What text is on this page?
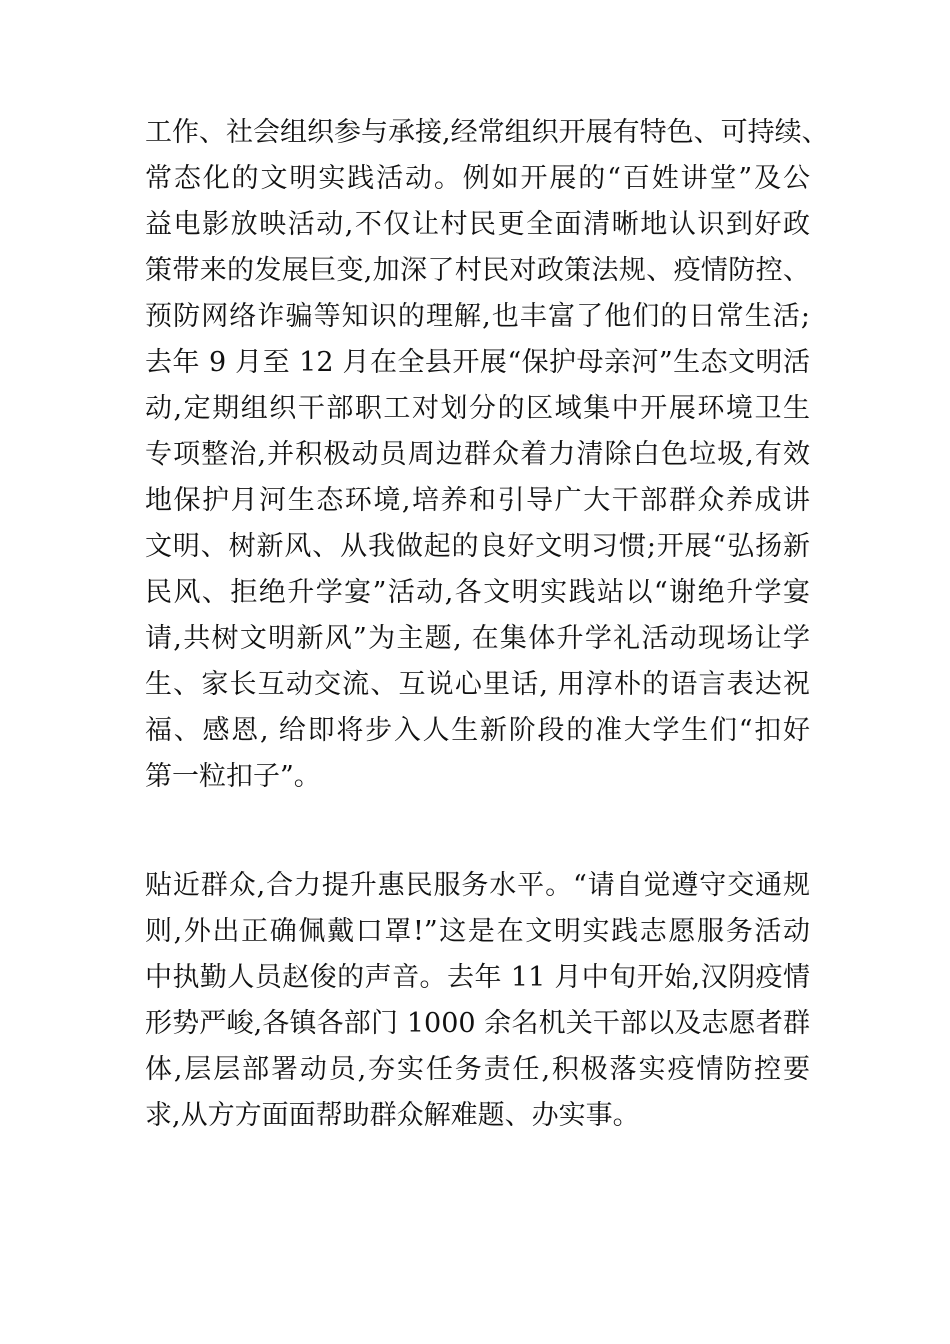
工作、社会组织参与承接,经常组织开展有特色、可持续、
常态化的文明实践活动。例如开展的“百姓讲堂”及公
益电影放映活动,不仅让村民更全面清晰地认识到好政
策带来的发展巨变,加深了村民对政策法规、疫情防控、
预防网络诈骗等知识的理解,也丰富了他们的日常生活;
去年 9 月至 12 月在全县开展“保护母亲河”生态文明活
动,定期组织干部职工对划分的区域集中开展环境卫生
专项整治,并积极动员周边群众着力清除白色垃圾,有效
地保护月河生态环境,培养和引导广大干部群众养成讲
文明、树新风、从我做起的良好文明习惯;开展“弘扬新
民风、拒绝升学宴”活动,各文明实践站以“谢绝升学宴
请,共树文明新风”为主题, 在集体升学礼活动现场让学
生、家长互动交流、互说心里话, 用淳朴的语言表达祝
福、感恩, 给即将步入人生新阶段的准大学生们“扣好
第一粒扣子”。

贴近群众,合力提升惠民服务水平。“请自觉遵守交通规
则,外出正确佩戴口罩!”这是在文明实践志愿服务活动
中执勤人员赵俊的声音。去年 11 月中旬开始,汉阴疫情
形势严峻,各镇各部门 1000 余名机关干部以及志愿者群
体,层层部署动员,夯实任务责任,积极落实疫情防控要
求,从方方面面帮助群众解难题、办实事。
